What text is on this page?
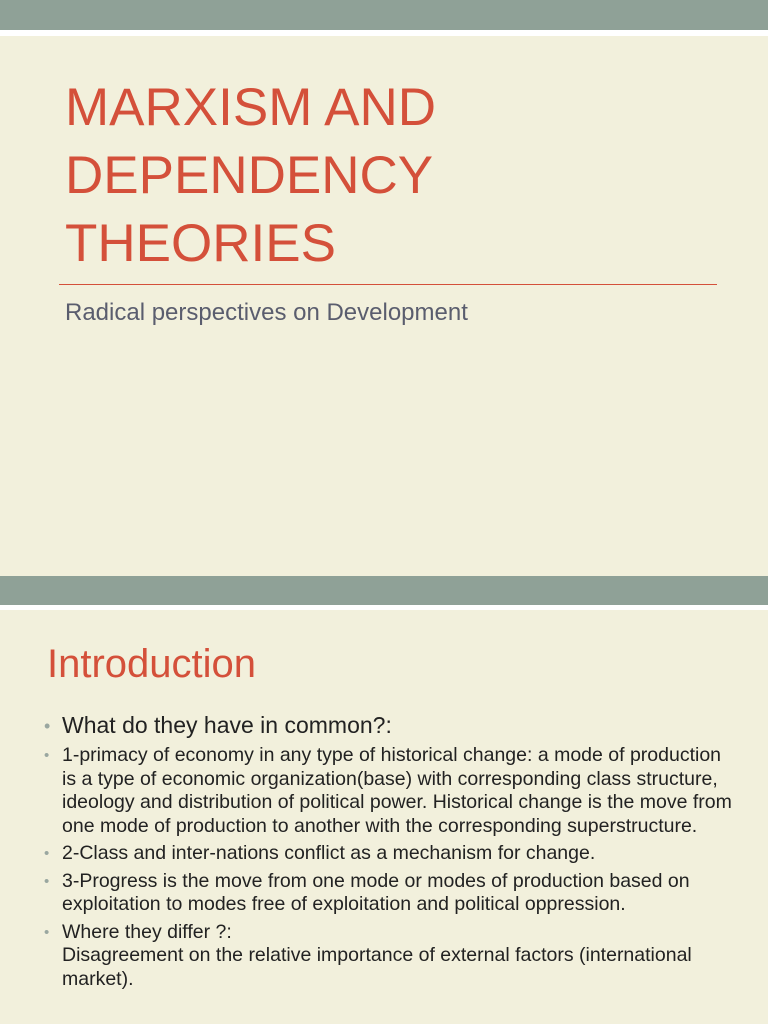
MARXISM AND
DEPENDENCY
THEORIES
Radical perspectives on Development
Introduction
• What do they have in common?:
• 1-primacy of economy in any type of historical change: a mode of production is a type of economic organization(base) with corresponding class structure, ideology and distribution of political power. Historical change is the move from one mode of production to another with the corresponding superstructure.
• 2-Class and inter-nations conflict as a mechanism for change.
• 3-Progress is the move from one mode or modes of production based on exploitation to modes free of exploitation and political oppression.
• Where they differ ?:
Disagreement on the relative importance of external factors (international market).
